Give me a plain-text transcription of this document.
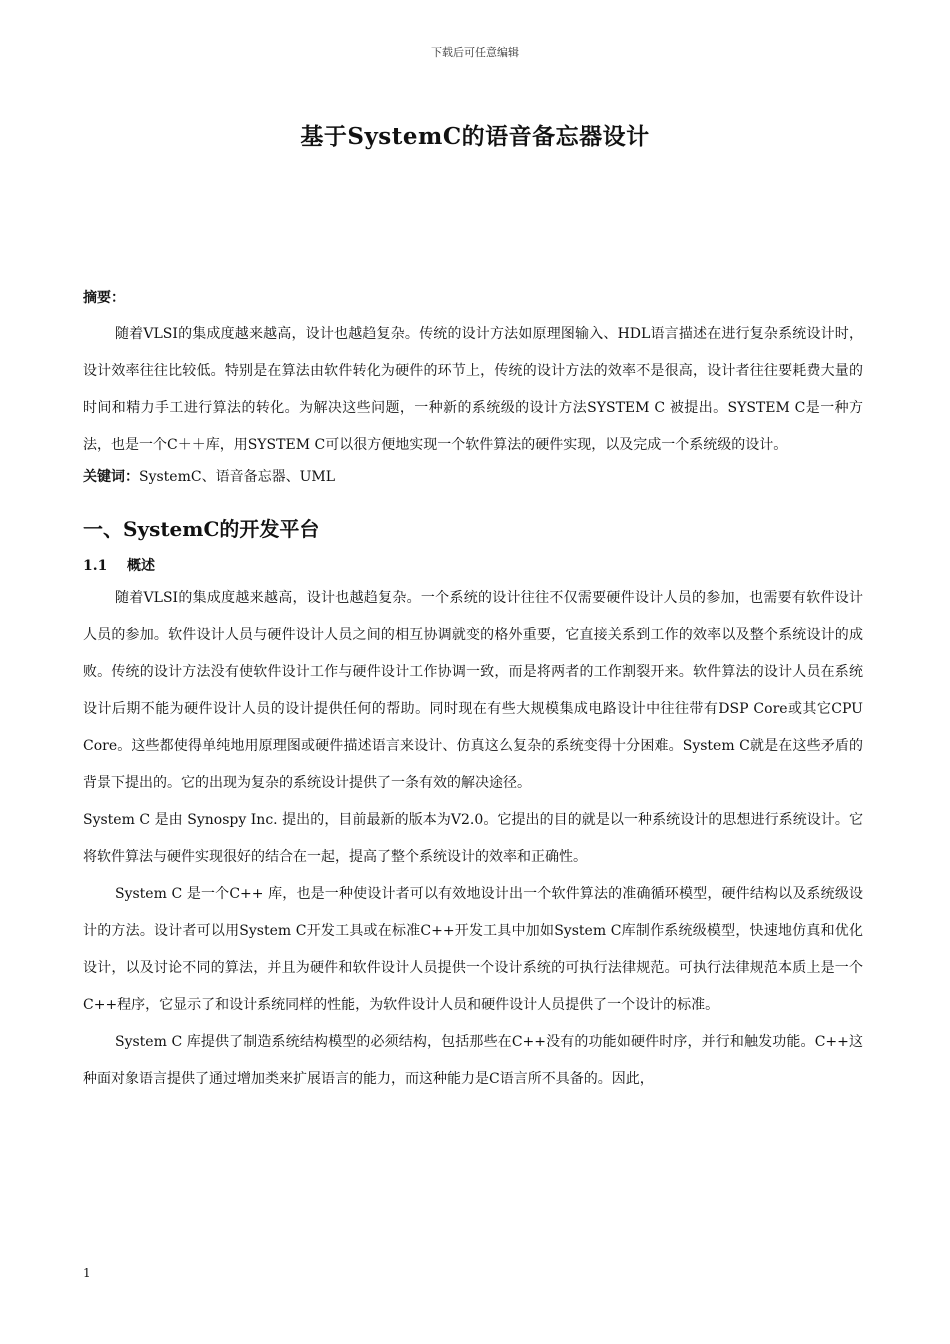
下载后可任意编辑
基于SystemC的语音备忘器设计
摘要：

随着VLSI的集成度越来越高，设计也越趋复杂。传统的设计方法如原理图输入、HDL语言描述在进行复杂系统设计时，设计效率往往比较低。特别是在算法由软件转化为硬件的环节上，传统的设计方法的效率不是很高，设计者往往要耗费大量的时间和精力手工进行算法的转化。为解决这些问题，一种新的系统级的设计方法SYSTEM C 被提出。SYSTEM C是一种方法，也是一个C＋＋库，用SYSTEM C可以很方便地实现一个软件算法的硬件实现，以及完成一个系统级的设计。

关键词：SystemC、语音备忘器、UML

一、SystemC的开发平台
1.1 概述

随着VLSI的集成度越来越高，设计也越趋复杂。一个系统的设计往往不仅需要硬件设计人员的参加，也需要有软件设计人员的参加。软件设计人员与硬件设计人员之间的相互协调就变的格外重要，它直接关系到工作的效率以及整个系统设计的成败。传统的设计方法没有使软件设计工作与硬件设计工作协调一致，而是将两者的工作割裂开来。软件算法的设计人员在系统设计后期不能为硬件设计人员的设计提供任何的帮助。同时现在有些大规模集成电路设计中往往带有DSP Core或其它CPU Core。这些都使得单纯地用原理图或硬件描述语言来设计、仿真这么复杂的系统变得十分困难。System C就是在这些矛盾的背景下提出的。它的出现为复杂的系统设计提供了一条有效的解决途径。

System C 是由 Synospy Inc. 提出的，目前最新的版本为V2.0。它提出的目的就是以一种系统设计的思想进行系统设计。它将软件算法与硬件实现很好的结合在一起，提高了整个系统设计的效率和正确性。

System C 是一个C++ 库，也是一种使设计者可以有效地设计出一个软件算法的准确循环模型，硬件结构以及系统级设计的方法。设计者可以用System C开发工具或在标准C++开发工具中加如System C库制作系统级模型，快速地仿真和优化设计，以及讨论不同的算法，并且为硬件和软件设计人员提供一个设计系统的可执行法律规范。可执行法律规范本质上是一个C++程序，它显示了和设计系统同样的性能，为软件设计人员和硬件设计人员提供了一个设计的标准。

System C 库提供了制造系统结构模型的必须结构，包括那些在C++没有的功能如硬件时序，并行和触发功能。C++这种面对象语言提供了通过增加类来扩展语言的能力，而这种能力是C语言所不具备的。因此，

1
